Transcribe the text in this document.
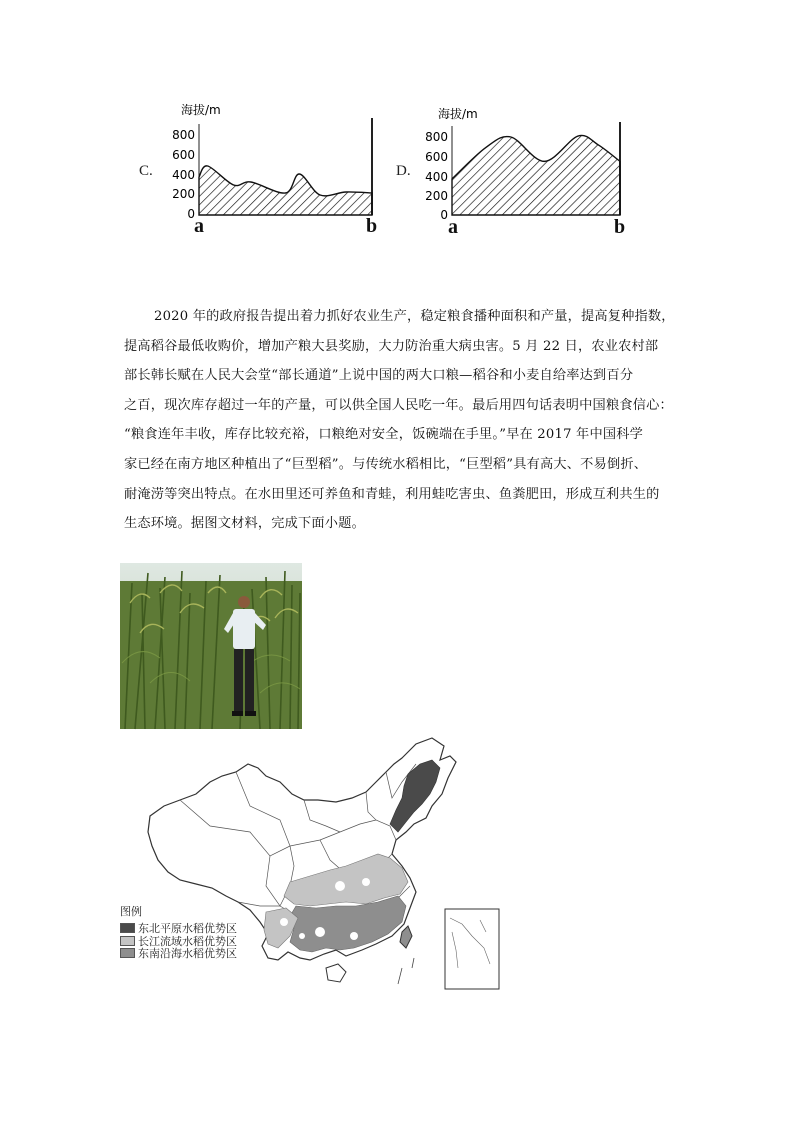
C.
海拔/m
800
600
400
200
0
a	b
D.
海拔/m
800
600
400
200
0
a	b

2020 年的政府报告提出着力抓好农业生产，稳定粮食播种面积和产量，提高复种指数，

提高稻谷最低收购价，增加产粮大县奖励，大力防治重大病虫害。5 月 22 日，农业农村部

部长韩长赋在人民大会堂“部长通道”上说中国的两大口粮—稻谷和小麦自给率达到百分

之百，现次库存超过一年的产量，可以供全国人民吃一年。最后用四句话表明中国粮食信心：

“粮食连年丰收，库存比较充裕，口粮绝对安全，饭碗端在手里。”早在 2017 年中国科学

家已经在南方地区种植出了“巨型稻”。与传统水稻相比，“巨型稻”具有高大、不易倒折、

耐淹涝等突出特点。在水田里还可养鱼和青蛙，利用蛙吃害虫、鱼粪肥田，形成互利共生的

生态环境。据图文材料，完成下面小题。

图例
东北平原水稻优势区
长江流域水稻优势区
东南沿海水稻优势区
